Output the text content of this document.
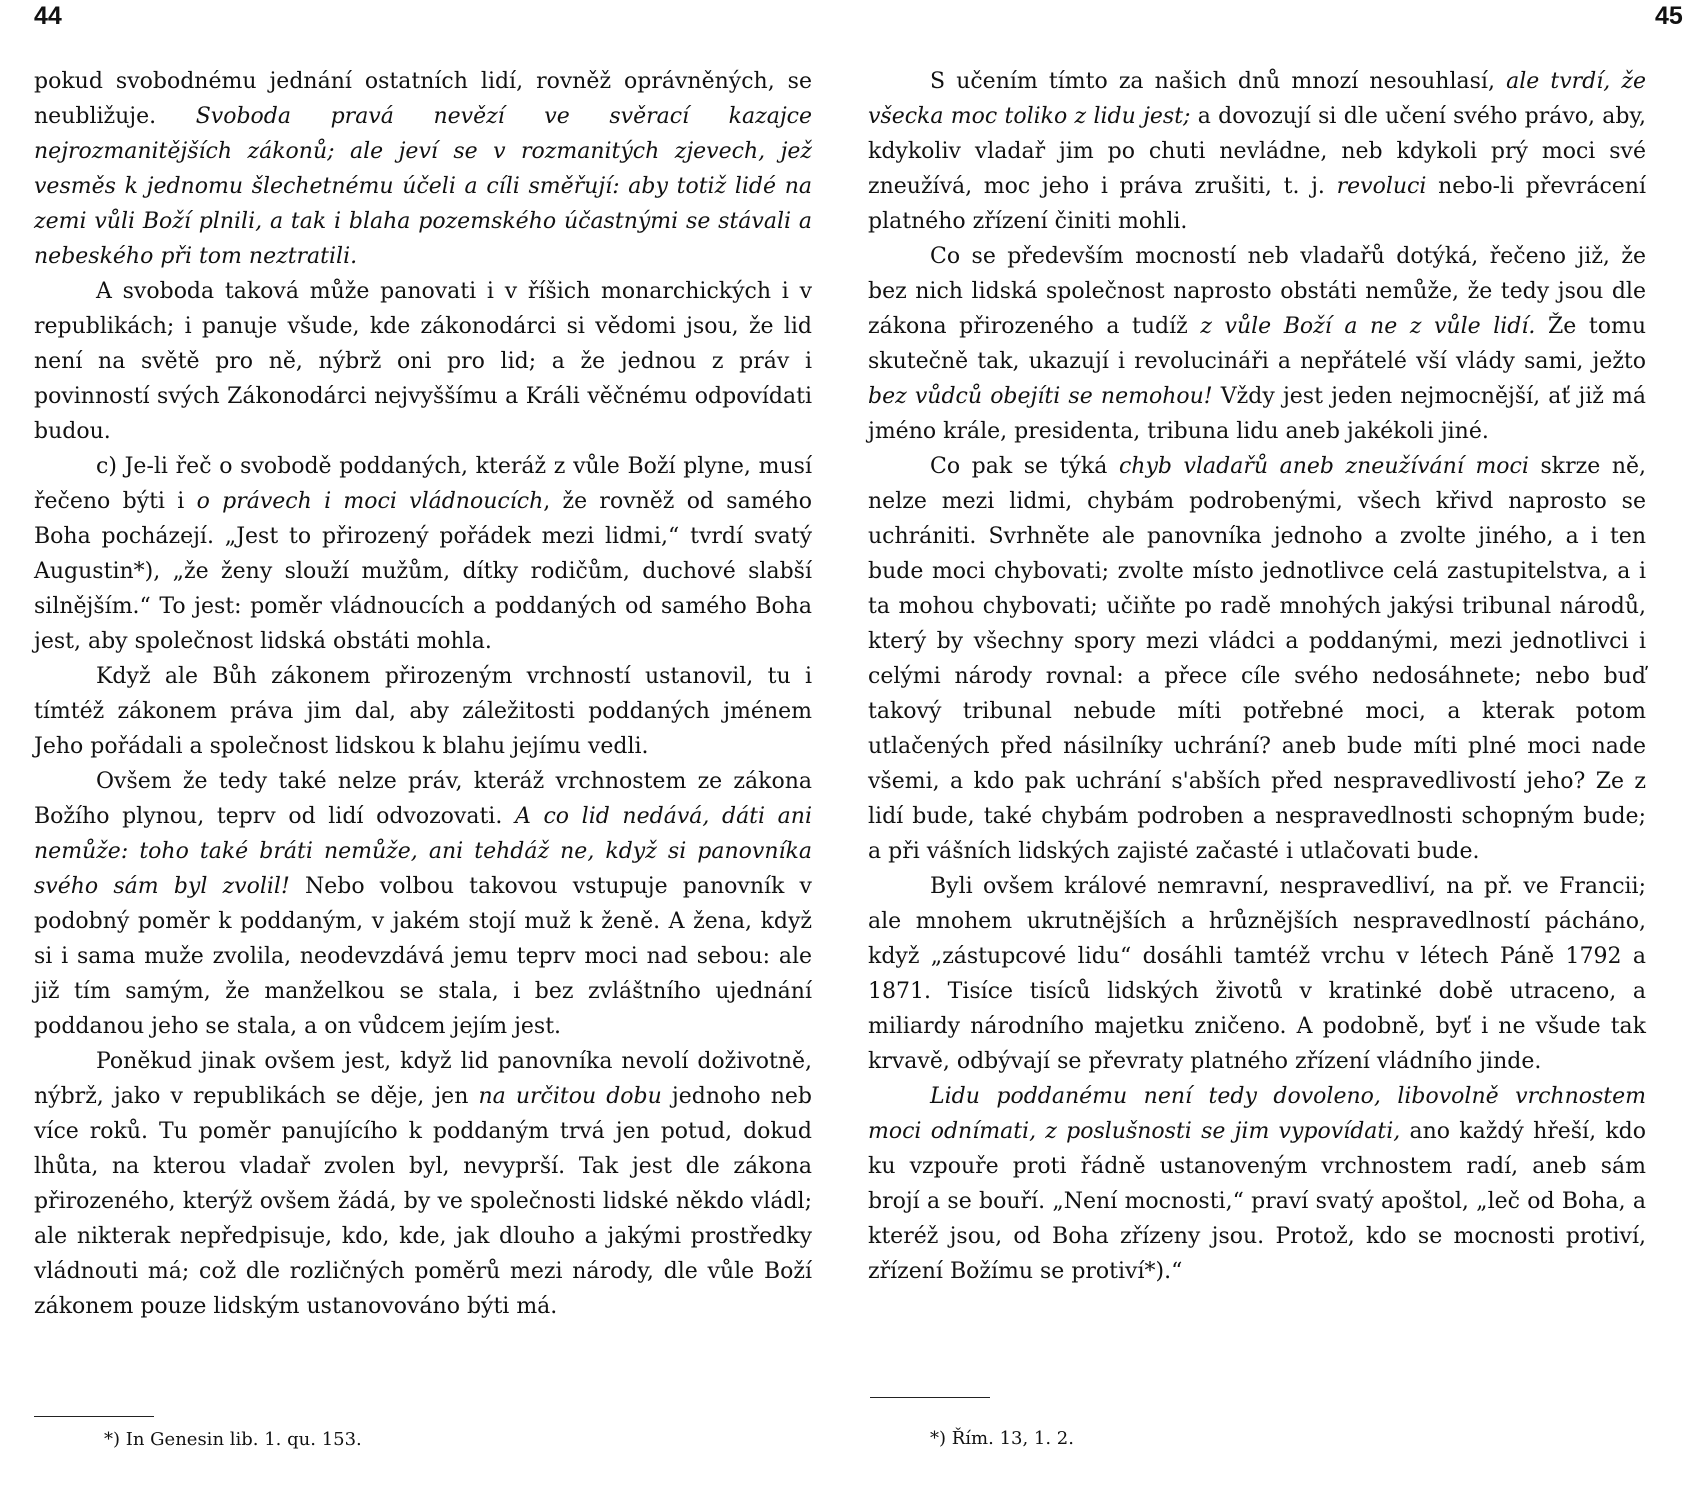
44	45

pokud svobodnému jednání ostatních lidí, rovněž oprávněných, se neubližuje. Svoboda pravá nevězí ve svěrací kazajce nejrozmanitějších zákonů; ale jeví se v rozmanitých zjevech, jež vesměs k jednomu šlechetnému účeli a cíli směřují: aby totiž lidé na zemi vůli Boží plnili, a tak i blaha pozemského účastnými se stávali a nebeského při tom neztratili.

A svoboda taková může panovati i v říšich monarchických i v republikách; i panuje všude, kde zákonodárci si vědomi jsou, že lid není na světě pro ně, nýbrž oni pro lid; a že jednou z práv i povinností svých Zákonodárci nejvyššímu a Králi věčnému odpovídati budou.

c) Je-li řeč o svobodě poddaných, kteráž z vůle Boží plyne, musí řečeno býti i o právech i moci vládnoucích, že rovněž od samého Boha pocházejí. „Jest to přirozený pořádek mezi lidmi,“ tvrdí svatý Augustin*), „že ženy slouží mužům, dítky rodičům, duchové slabší silnějším.“ To jest: poměr vládnoucích a poddaných od samého Boha jest, aby společnost lidská obstáti mohla.

Když ale Bůh zákonem přirozeným vrchností ustanovil, tu i tímtéž zákonem práva jim dal, aby záležitosti poddaných jménem Jeho pořádali a společnost lidskou k blahu jejímu vedli.

Ovšem že tedy také nelze práv, kteráž vrchnostem ze zákona Božího plynou, teprv od lidí odvozovati. A co lid nedává, dáti ani nemůže: toho také bráti nemůže, ani tehdáž ne, když si panovníka svého sám byl zvolil! Nebo volbou takovou vstupuje panovník v podobný poměr k poddaným, v jakém stojí muž k ženě. A žena, když si i sama muže zvolila, neodevzdává jemu teprv moci nad sebou: ale již tím samým, že manželkou se stala, i bez zvláštního ujednání poddanou jeho se stala, a on vůdcem jejím jest.

Poněkud jinak ovšem jest, když lid panovníka nevolí doživotně, nýbrž, jako v republikách se děje, jen na určitou dobu jednoho neb více roků. Tu poměr panujícího k poddaným trvá jen potud, dokud lhůta, na kterou vladař zvolen byl, nevyprší. Tak jest dle zákona přirozeného, kterýž ovšem žádá, by ve společnosti lidské někdo vládl; ale nikterak nepředpisuje, kdo, kde, jak dlouho a jakými prostředky vládnouti má; což dle rozličných poměrů mezi národy, dle vůle Boží zákonem pouze lidským ustanovováno býti má.

S učením tímto za našich dnů mnozí nesouhlasí, ale tvrdí, že všecka moc toliko z lidu jest; a dovozují si dle učení svého právo, aby, kdykoliv vladař jim po chuti nevládne, neb kdykoli prý moci své zneužívá, moc jeho i práva zrušiti, t. j. revoluci nebo-li převrácení platného zřízení činiti mohli.

Co se především mocností neb vladařů dotýká, řečeno již, že bez nich lidská společnost naprosto obstáti nemůže, že tedy jsou dle zákona přirozeného a tudíž z vůle Boží a ne z vůle lidí. Že tomu skutečně tak, ukazují i revolucináři a nepřátelé vší vlády sami, ježto bez vůdců obejíti se nemohou! Vždy jest jeden nejmocnější, ať již má jméno krále, presidenta, tribuna lidu aneb jakékoli jiné.

Co pak se týká chyb vladařů aneb zneužívání moci skrze ně, nelze mezi lidmi, chybám podrobenými, všech křivd naprosto se uchrániti. Svrhněte ale panovníka jednoho a zvolte jiného, a i ten bude moci chybovati; zvolte místo jednotlivce celá zastupitelstva, a i ta mohou chybovati; učiňte po radě mnohých jakýsi tribunal národů, který by všechny spory mezi vládci a poddanými, mezi jednotlivci i celými národy rovnal: a přece cíle svého nedosáhnete; nebo buď takový tribunal nebude míti potřebné moci, a kterak potom utlačených před násilníky uchrání? aneb bude míti plné moci nade všemi, a kdo pak uchrání s'abších před nespravedlivostí jeho? Ze z lidí bude, také chybám podroben a nespravedlnosti schopným bude; a při vášních lidských zajisté začasté i utlačovati bude.

Byli ovšem králové nemravní, nespravedliví, na př. ve Francii; ale mnohem ukrutnějších a hrůznějších nespravedlností pácháno, když „zástupcové lidu“ dosáhli tamtéž vrchu v létech Páně 1792 a 1871. Tisíce tisíců lidských životů v kratinké době utraceno, a miliardy národního majetku zničeno. A podobně, byť i ne všude tak krvavě, odbývají se převraty platného zřízení vládního jinde.

Lidu poddanému není tedy dovoleno, libovolně vrchnostem moci odnímati, z poslušnosti se jim vypovídati, ano každý hřeší, kdo ku vzpouře proti řádně ustanoveným vrchnostem radí, aneb sám brojí a se bouří. „Není mocnosti,“ praví svatý apoštol, „leč od Boha, a kteréž jsou, od Boha zřízeny jsou. Protož, kdo se mocnosti protiví, zřízení Božímu se protiví*).“

*) In Genesin lib. 1. qu. 153.	*) Řím. 13, 1. 2.
